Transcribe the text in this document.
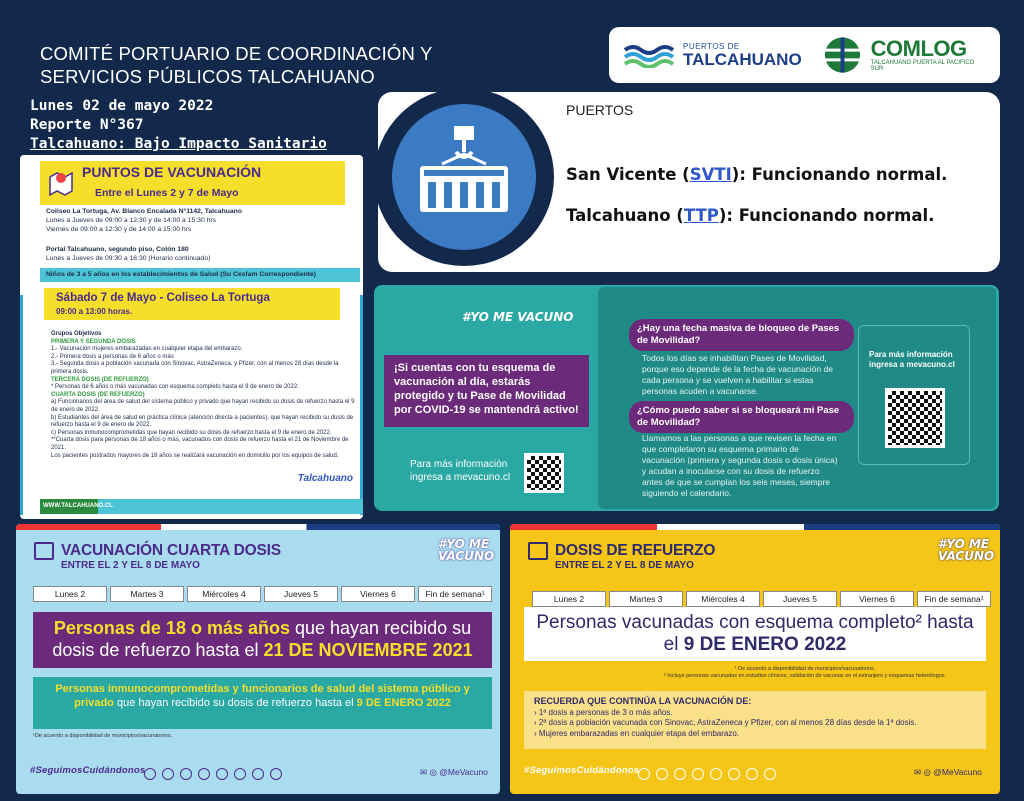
COMITÉ PORTUARIO DE COORDINACIÓN Y
SERVICIOS PÚBLICOS TALCAHUANO
PUERTOS DE
TALCAHUANO	COMLOG
TALCAHUANO PUERTA AL PACIFICO SUR
Lunes 02 de mayo 2022
Reporte N°367
Talcahuano: Bajo Impacto Sanitario
PUERTOS
San Vicente (SVTI): Funcionando normal.
Talcahuano (TTP): Funcionando normal.
PUNTOS DE VACUNACIÓN
Entre el Lunes 2 y 7 de Mayo
Coliseo La Tortuga, Av. Blanco Encalada N°1142, Talcahuano
Lunes a Jueves de 09:00 a 12:30 y de 14:00 a 15:30 hrs
Viernes de 09:00 a 12:30 y de 14:00 a 15:00 hrs
Portal Talcahuano, segundo piso, Colón 180
Lunes a Jueves de 09:30 a 16:30 (Horario continuado)
Niños de 3 a 5 años en los establecimientos de Salud (Su Cesfam Correspondiente)
Sábado 7 de Mayo - Coliseo La Tortuga
09:00 a 13:00 horas.
Grupos Objetivos
PRIMERA Y SEGUNDA DOSIS
1.- Vacunación mujeres embarazadas en cualquier etapa del embarazo.
2.- Primera dosis a personas de 6 años o más
3.- Segunda dosis a población vacunada con Sinovac, AstraZeneca, y Pfizer, con al menos 28 días desde la primera dosis.
TERCERA DOSIS (DE REFUERZO)
* Personas de 6 años o más vacunadas con esquema completo hasta el 9 de enero de 2022.
CUARTA DOSIS (DE REFUERZO)
a) Funcionarios del área de salud del sistema público y privado que hayan recibido su dosis de refuerzo hasta el 9 de enero de 2022.
b) Estudiantes del área de salud en práctica clínica (atención directa a pacientes), que hayan recibido su dosis de refuerzo hasta el 9 de enero de 2022.
c) Personas inmunocomprometidas que hayan recibido su dosis de refuerzo hasta el 9 de enero de 2022.
**Cuarta dosis para personas de 18 años o más, vacunados con dosis de refuerzo hasta el 21 de Noviembre de 2021.
Los pacientes postrados mayores de 18 años se realizará vacunación en domicilio por los equipos de salud.
Talcahuano
WWW.TALCAHUANO.CL
#YO ME VACUNO
¡Si cuentas con tu esquema de vacunación al día, estarás protegido y tu Pase de Movilidad por COVID-19 se mantendrá activo!
Para más información ingresa a mevacuno.cl
¿Hay una fecha masiva de bloqueo de Pases de Movilidad?
Todos los días se inhabilitan Pases de Movilidad, porque eso depende de la fecha de vacunación de cada persona y se vuelven a habilitar si estas personas acuden a vacunarse.
¿Cómo puedo saber si se bloqueará mi Pase de Movilidad?
Llamamos a las personas a que revisen la fecha en que completaron su esquema primario de vacunación (primera y segunda dosis o dosis única) y acudan a inocularse con su dosis de refuerzo antes de que se cumplan los seis meses, siempre siguiendo el calendario.
Para más información ingresa a mevacuno.cl
VACUNACIÓN CUARTA DOSIS
ENTRE EL 2 Y EL 8 DE MAYO
#YO ME VACUNO
Lunes 2	Martes 3	Miércoles 4	Jueves 5	Viernes 6	Fin de semana¹
Personas de 18 o más años que hayan recibido su dosis de refuerzo hasta el 21 DE NOVIEMBRE 2021
Personas inmunocomprometidas y funcionarios de salud del sistema público y privado que hayan recibido su dosis de refuerzo hasta el 9 DE ENERO 2022
¹De acuerdo a disponibilidad de municipios/vacunatorios.
#SeguimosCuidándonos	✉ ◎ @MeVacuno
DOSIS DE REFUERZO
ENTRE EL 2 Y EL 8 DE MAYO
#YO ME VACUNO
Lunes 2	Martes 3	Miércoles 4	Jueves 5	Viernes 6	Fin de semana¹
Personas vacunadas con esquema completo² hasta el 9 DE ENERO 2022
¹ De acuerdo a disponibilidad de municipios/vacunatorios.
² Incluye personas vacunadas en estudios clínicos, validación de vacunas en el extranjero y esquemas heterólogos.
RECUERDA QUE CONTINÚA LA VACUNACIÓN DE:
› 1ª dosis a personas de 3 o más años.
› 2ª dosis a población vacunada con Sinovac, AstraZeneca y Pfizer, con al menos 28 días desde la 1ª dosis.
› Mujeres embarazadas en cualquier etapa del embarazo.
#SeguimosCuidándonos	✉ ◎ @MeVacuno
